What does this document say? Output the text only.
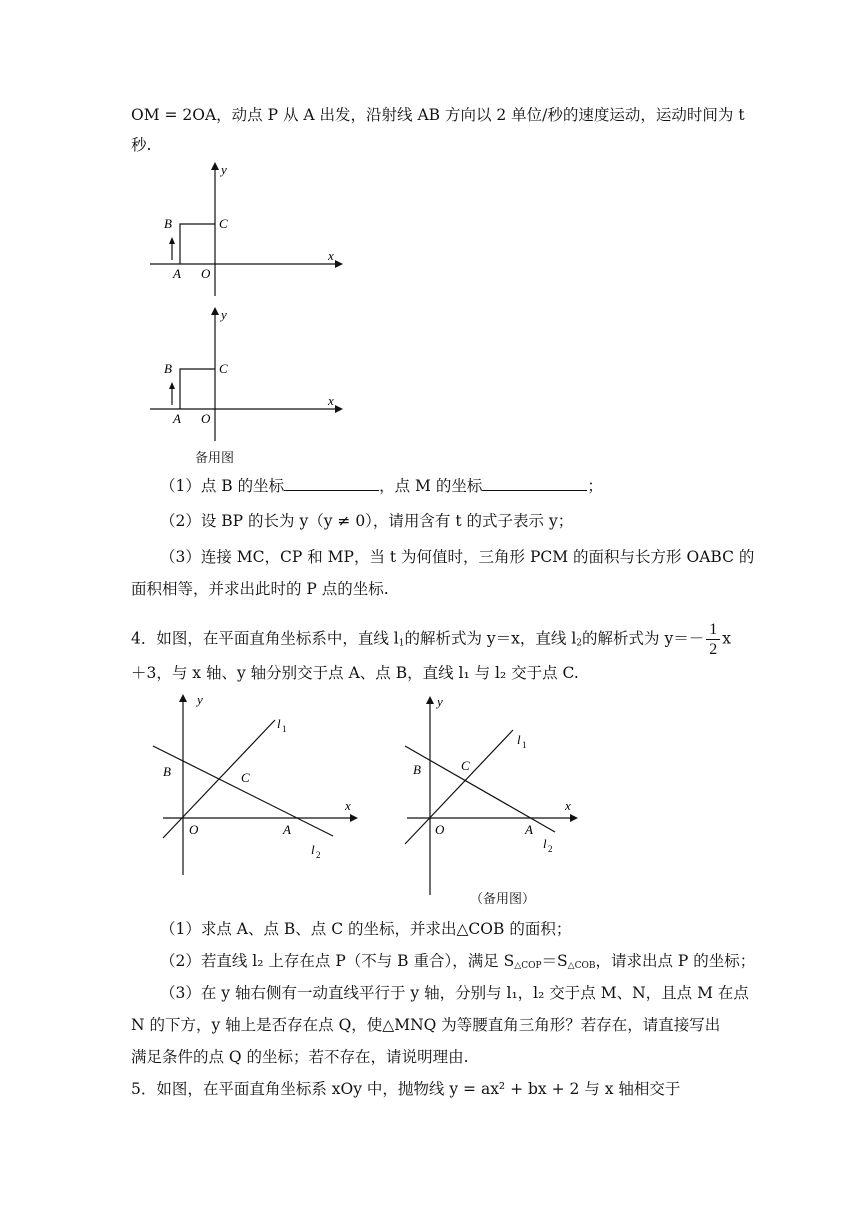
OM = 2OA，动点 P 从 A 出发，沿射线 AB 方向以 2 单位/秒的速度运动，运动时间为 t
秒.
A O
B	C
x
y
A O
B	C
x
y
备用图
（1）点 B 的坐标	，点 M 的坐标	；
（2）设 BP 的长为 y（y ≠ 0），请用含有 t 的式子表示 y；
（3）连接 MC，CP 和 MP，当 t 为何值时，三角形 PCM 的面积与长方形 OABC 的
面积相等，并求出此时的 P 点的坐标.
4．如图，在平面直角坐标系中，直线 $l_1$的解析式为 y＝x，直线 $l_2$的解析式为 $y=- \frac{1}{2}$ x
＋3，与 x 轴、y 轴分别交于点 A、点 B，直线 l₁ 与 l₂ 交于点 C.
y
x
B	C
O	A
l 1
l 2
y
x
B	C
O	A
l 1
l 2
（备用图）
（1）求点 A、点 B、点 C 的坐标，并求出△COB 的面积；
（2）若直线 l₂ 上存在点 P（不与 B 重合），满足 $S_{\triangle COP}=S_{\triangle COB}$，请求出点 P 的坐标；
（3）在 y 轴右侧有一动直线平行于 y 轴，分别与 l₁，l₂ 交于点 M、N，且点 M 在点
N 的下方，y 轴上是否存在点 Q，使△MNQ 为等腰直角三角形？若存在，请直接写出
满足条件的点 Q 的坐标；若不存在，请说明理由.
5．如图，在平面直角坐标系 xOy 中，抛物线 y = ax² + bx + 2 与 x 轴相交于
